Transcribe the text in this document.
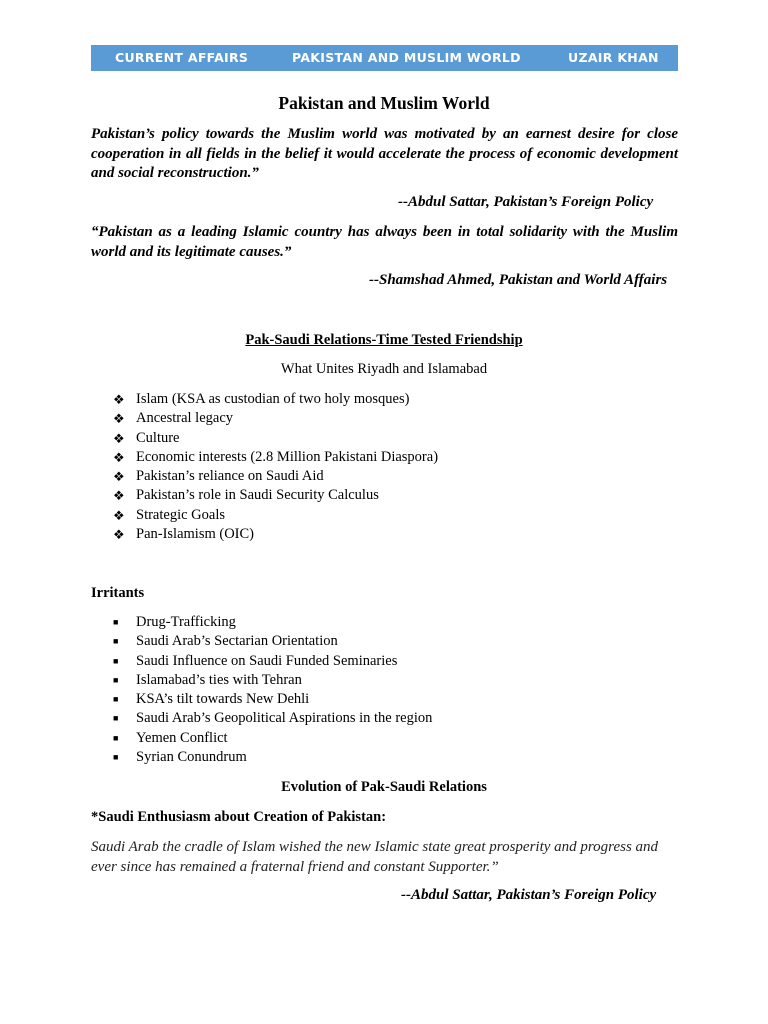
CURRENT AFFAIRS	PAKISTAN AND MUSLIM WORLD	UZAIR KHAN
Pakistan and Muslim World
Pakistan’s policy towards the Muslim world was motivated by an earnest desire for close cooperation in all fields in the belief it would accelerate the process of economic development and social reconstruction.”
--Abdul Sattar, Pakistan’s Foreign Policy
“Pakistan as a leading Islamic country has always been in total solidarity with the Muslim world and its legitimate causes.”
--Shamshad Ahmed, Pakistan and World Affairs
Pak-Saudi Relations-Time Tested Friendship
What Unites Riyadh and Islamabad
❖ Islam (KSA as custodian of two holy mosques)
❖ Ancestral legacy
❖ Culture
❖ Economic interests (2.8 Million Pakistani Diaspora)
❖ Pakistan’s reliance on Saudi Aid
❖ Pakistan’s role in Saudi Security Calculus
❖ Strategic Goals
❖ Pan-Islamism (OIC)
Irritants
■ Drug-Trafficking
■ Saudi Arab’s Sectarian Orientation
■ Saudi Influence on Saudi Funded Seminaries
■ Islamabad’s ties with Tehran
■ KSA’s tilt towards New Dehli
■ Saudi Arab’s Geopolitical Aspirations in the region
■ Yemen Conflict
■ Syrian Conundrum
Evolution of Pak-Saudi Relations
*Saudi Enthusiasm about Creation of Pakistan:
Saudi Arab the cradle of Islam wished the new Islamic state great prosperity and progress and ever since has remained a fraternal friend and constant Supporter.”
--Abdul Sattar, Pakistan’s Foreign Policy
